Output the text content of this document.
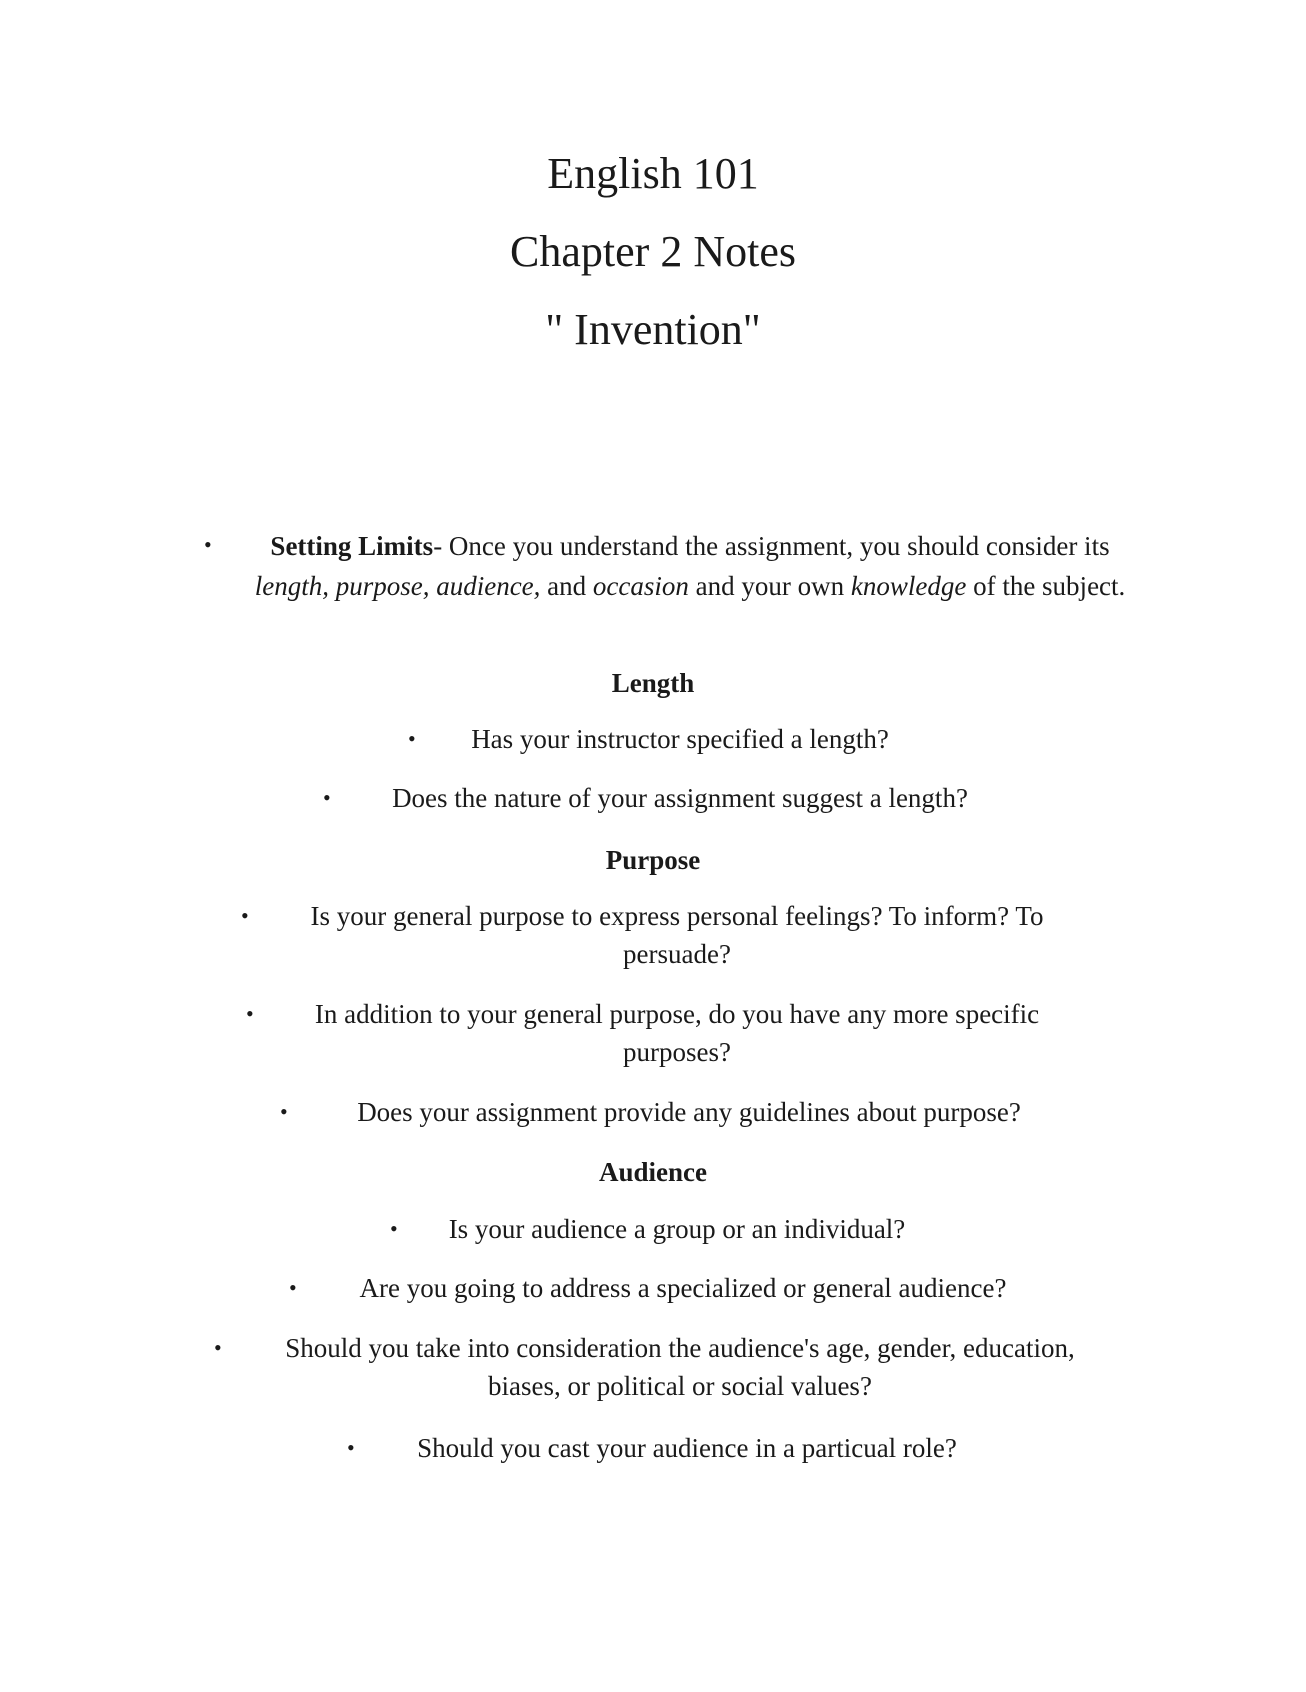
English 101
Chapter 2 Notes
" Invention"
• Setting Limits- Once you understand the assignment, you should consider its length, purpose, audience, and occasion and your own knowledge of the subject.
Length
• Has your instructor specified a length?
• Does the nature of your assignment suggest a length?
Purpose
• Is your general purpose to express personal feelings? To inform? To persuade?
• In addition to your general purpose, do you have any more specific purposes?
•	Does your assignment provide any guidelines about purpose?
Audience
• Is your audience a group or an individual?
• Are you going to address a specialized or general audience?
• Should you take into consideration the audience's age, gender, education, biases, or political or social values?
• Should you cast your audience in a particual role?
